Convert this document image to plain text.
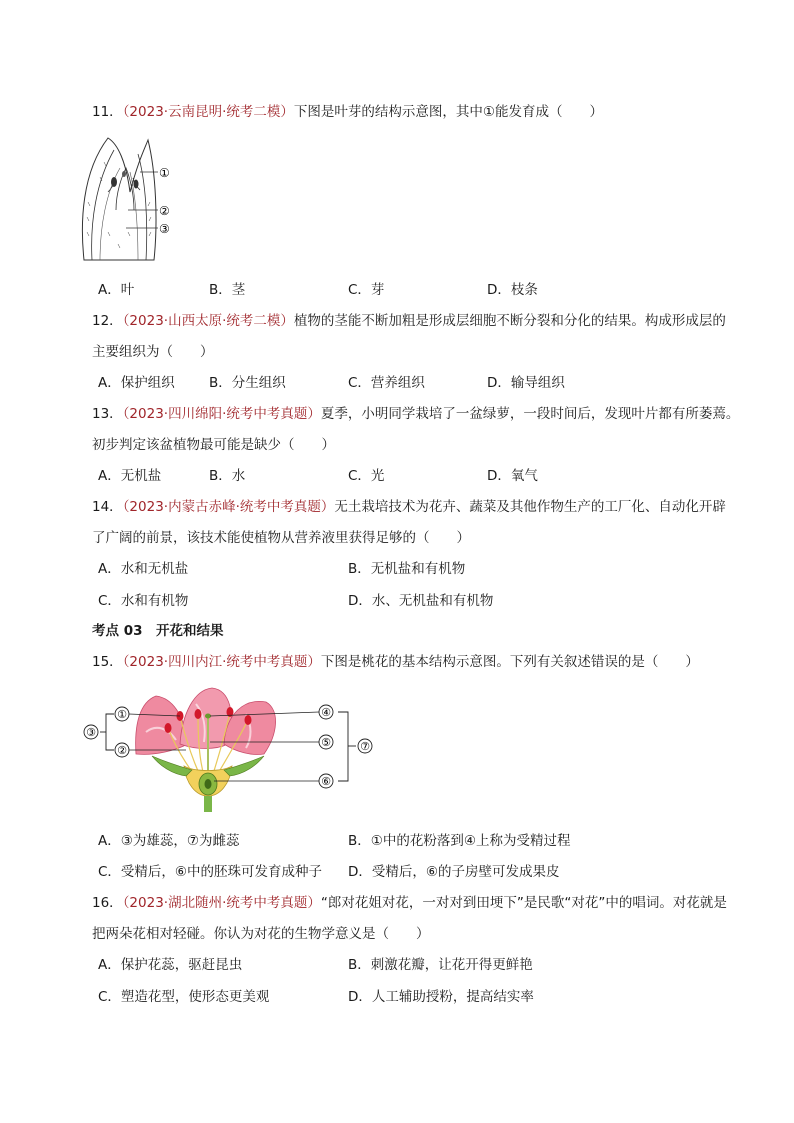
11．（2023·云南昆明·统考二模）下图是叶芽的结构示意图，其中①能发育成（　　）
①
②
③
A．叶	B．茎	C．芽	D．枝条
12．（2023·山西太原·统考二模）植物的茎能不断加粗是形成层细胞不断分裂和分化的结果。构成形成层的
主要组织为（　　）
A．保护组织	B．分生组织	C．营养组织	D．输导组织
13．（2023·四川绵阳·统考中考真题）夏季，小明同学栽培了一盆绿萝，一段时间后，发现叶片都有所萎蔫。
初步判定该盆植物最可能是缺少（　　）
A．无机盐	B．水	C．光	D．氧气
14．（2023·内蒙古赤峰·统考中考真题）无土栽培技术为花卉、蔬菜及其他作物生产的工厂化、自动化开辟
了广阔的前景，该技术能使植物从营养液里获得足够的（　　）
A．水和无机盐	B．无机盐和有机物
C．水和有机物	D．水、无机盐和有机物
考点 03　开花和结果
15．（2023·四川内江·统考中考真题）下图是桃花的基本结构示意图。下列有关叙述错误的是（　　）
①
②
③
④
⑤
⑥
⑦
A．③为雄蕊，⑦为雌蕊	B．①中的花粉落到④上称为受精过程
C．受精后，⑥中的胚珠可发育成种子 D．受精后，⑥的子房壁可发成果皮
16．（2023·湖北随州·统考中考真题）“郎对花姐对花，一对对到田埂下”是民歌“对花”中的唱词。对花就是
把两朵花相对轻碰。你认为对花的生物学意义是（　　）
A．保护花蕊，驱赶昆虫	B．刺激花瓣，让花开得更鲜艳
C．塑造花型，使形态更美观	D．人工辅助授粉，提高结实率
